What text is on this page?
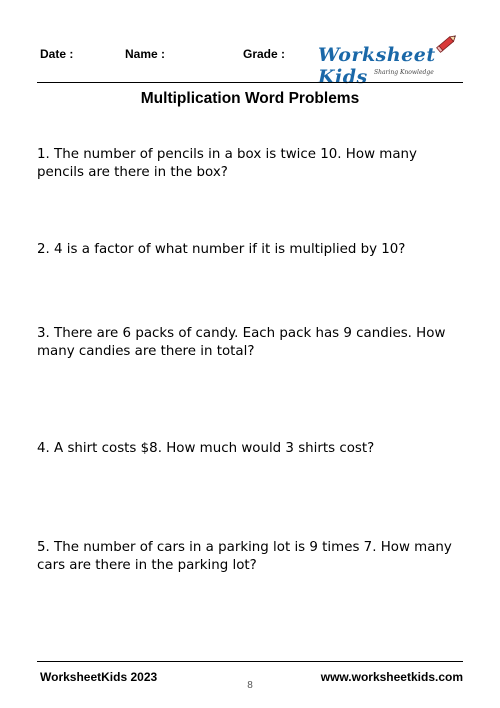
Date :	Name :	Grade : Worksheet Kids	Sharing Knowledge
Multiplication Word Problems
1. The number of pencils in a box is twice 10. How many pencils are there in the box?
2. 4 is a factor of what number if it is multiplied by 10?
3. There are 6 packs of candy. Each pack has 9 candies. How many candies are there in total?
4. A shirt costs $8. How much would 3 shirts cost?
5. The number of cars in a parking lot is 9 times 7. How many cars are there in the parking lot?
WorksheetKids 2023	www.worksheetkids.com
8
